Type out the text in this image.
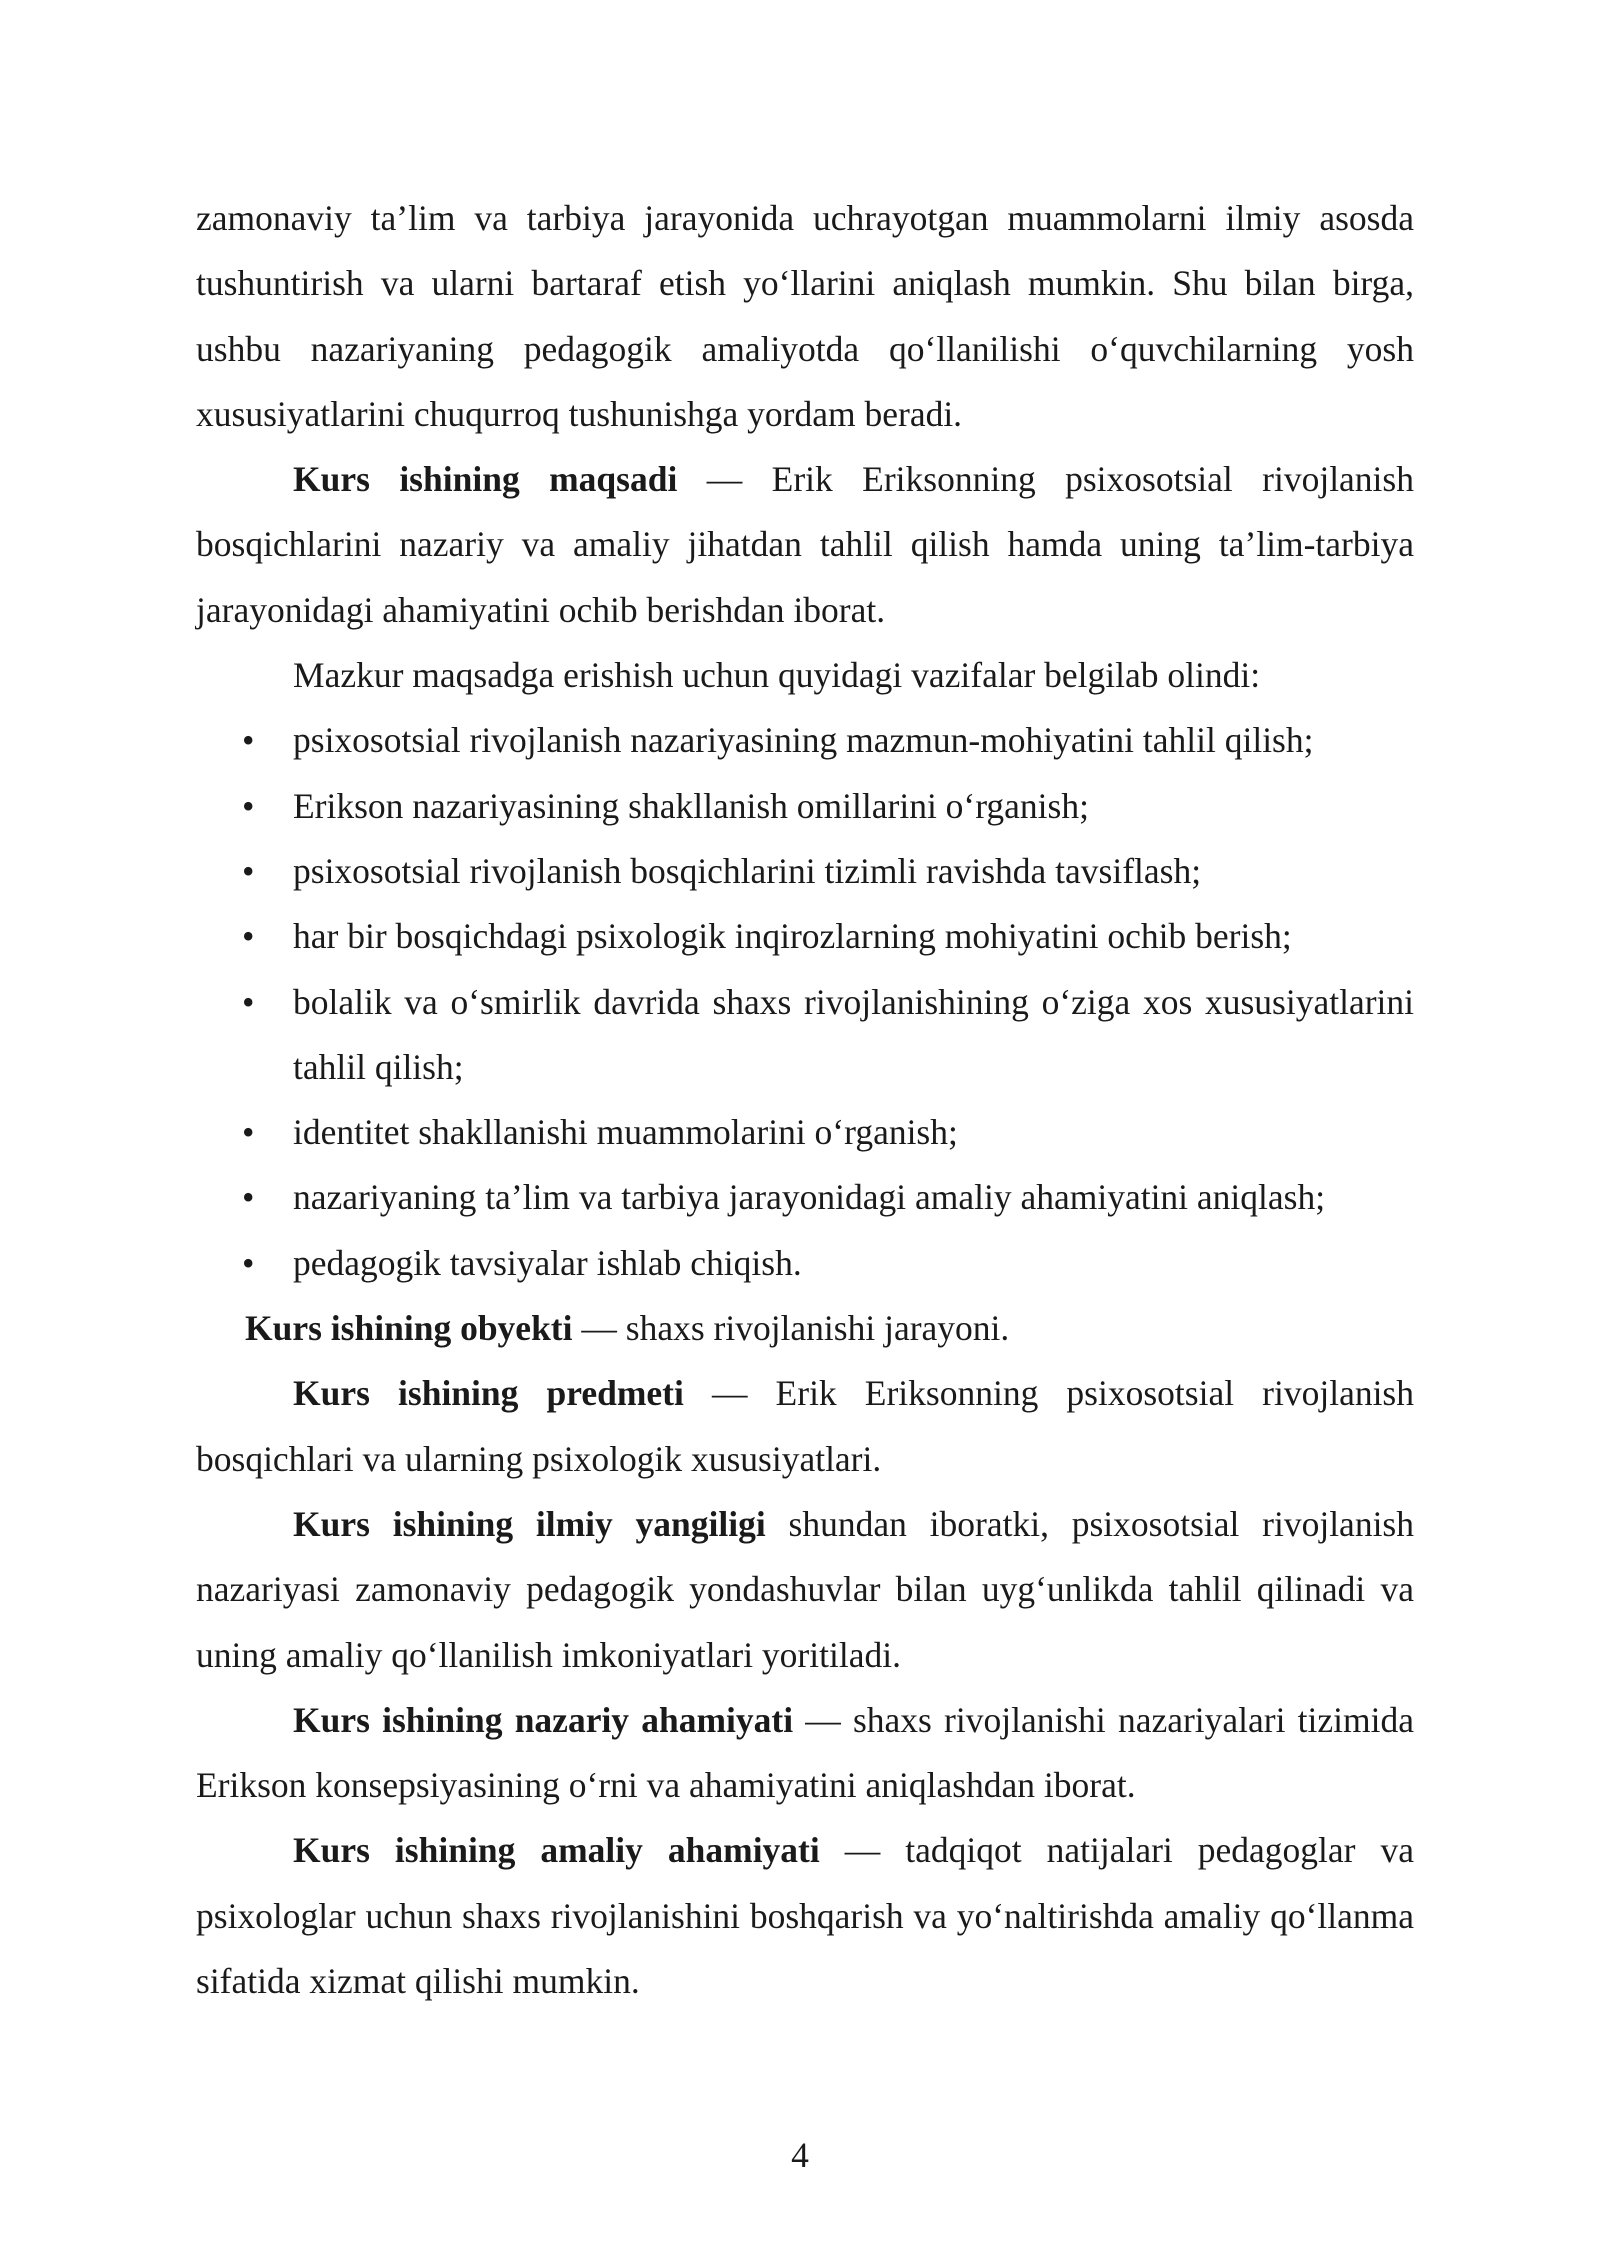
zamonaviy ta’lim va tarbiya jarayonida uchrayotgan muammolarni ilmiy asosda tushuntirish va ularni bartaraf etish yo‘llarini aniqlash mumkin. Shu bilan birga, ushbu nazariyaning pedagogik amaliyotda qo‘llanilishi o‘quvchilarning yosh xususiyatlarini chuqurroq tushunishga yordam beradi.

Kurs ishining maqsadi — Erik Eriksonning psixosotsial rivojlanish bosqichlarini nazariy va amaliy jihatdan tahlil qilish hamda uning ta’lim-tarbiya jarayonidagi ahamiyatini ochib berishdan iborat.

Mazkur maqsadga erishish uchun quyidagi vazifalar belgilab olindi:

• psixosotsial rivojlanish nazariyasining mazmun-mohiyatini tahlil qilish;
• Erikson nazariyasining shakllanish omillarini o‘rganish;
• psixosotsial rivojlanish bosqichlarini tizimli ravishda tavsiflash;
• har bir bosqichdagi psixologik inqirozlarning mohiyatini ochib berish;
• bolalik va o‘smirlik davrida shaxs rivojlanishining o‘ziga xos xususiyatlarini tahlil qilish;
• identitet shakllanishi muammolarini o‘rganish;
• nazariyaning ta’lim va tarbiya jarayonidagi amaliy ahamiyatini aniqlash;
• pedagogik tavsiyalar ishlab chiqish.

Kurs ishining obyekti — shaxs rivojlanishi jarayoni.

Kurs ishining predmeti — Erik Eriksonning psixosotsial rivojlanish bosqichlari va ularning psixologik xususiyatlari.

Kurs ishining ilmiy yangiligi shundan iboratki, psixosotsial rivojlanish nazariyasi zamonaviy pedagogik yondashuvlar bilan uyg‘unlikda tahlil qilinadi va uning amaliy qo‘llanilish imkoniyatlari yoritiladi.

Kurs ishining nazariy ahamiyati — shaxs rivojlanishi nazariyalari tizimida Erikson konsepsiyasining o‘rni va ahamiyatini aniqlashdan iborat.

Kurs ishining amaliy ahamiyati — tadqiqot natijalari pedagoglar va psixologlar uchun shaxs rivojlanishini boshqarish va yo‘naltirishda amaliy qo‘llanma sifatida xizmat qilishi mumkin.

4
